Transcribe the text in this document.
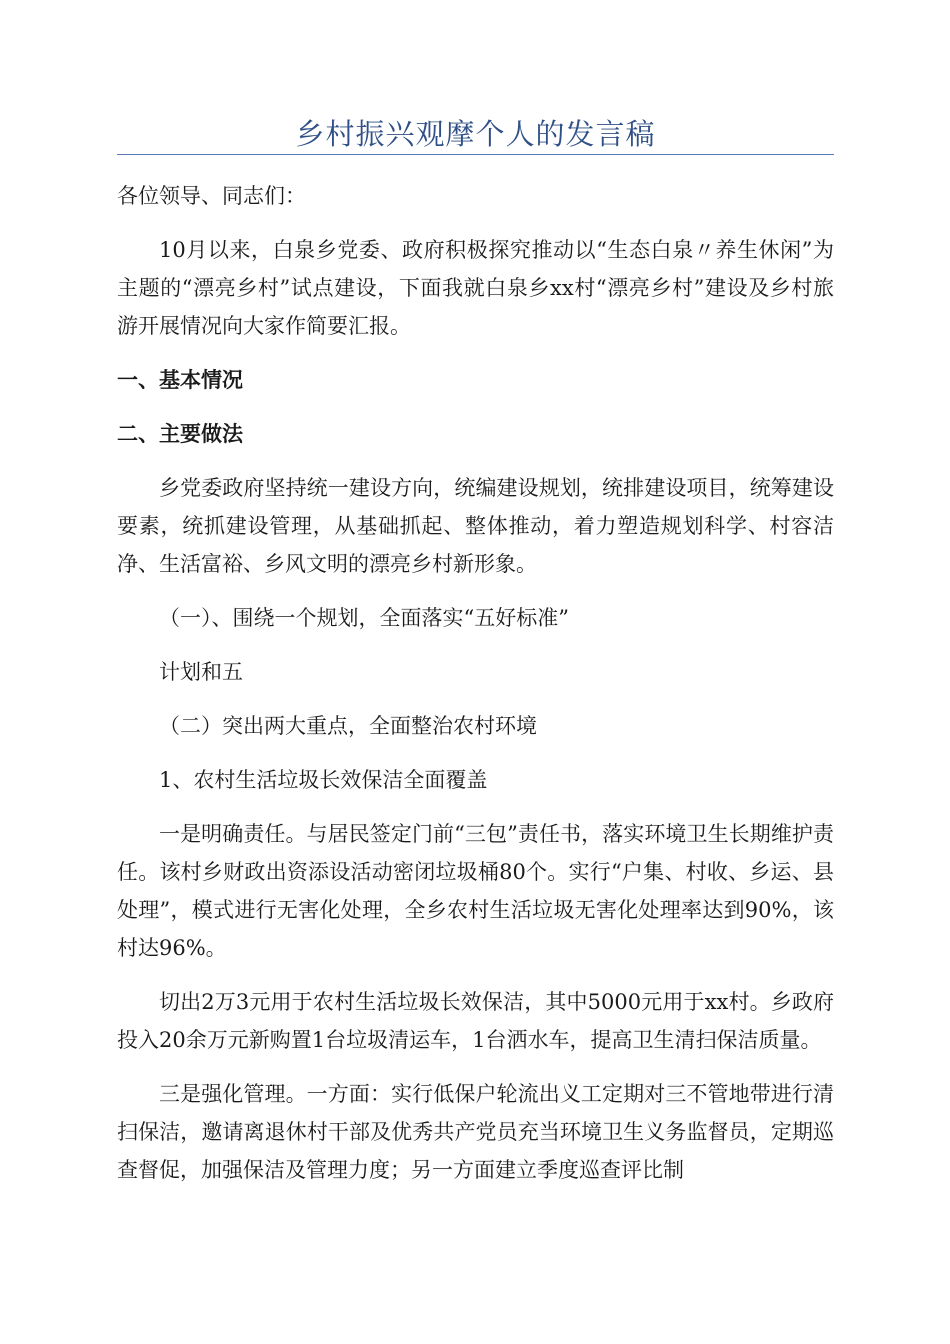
乡村振兴观摩个人的发言稿

各位领导、同志们：

10月以来，白泉乡党委、政府积极探究推动以“生态白泉〃养生休闲”为主题的“漂亮乡村”试点建设，下面我就白泉乡xx村“漂亮乡村”建设及乡村旅游开展情况向大家作简要汇报。

一、基本情况

二、主要做法

乡党委政府坚持统一建设方向，统编建设规划，统排建设项目，统筹建设要素，统抓建设管理，从基础抓起、整体推动，着力塑造规划科学、村容洁净、生活富裕、乡风文明的漂亮乡村新形象。

（一）、围绕一个规划，全面落实“五好标准”

计划和五

（二）突出两大重点，全面整治农村环境

1、农村生活垃圾长效保洁全面覆盖

一是明确责任。与居民签定门前“三包”责任书，落实环境卫生长期维护责任。该村乡财政出资添设活动密闭垃圾桶80个。实行“户集、村收、乡运、县处理”，模式进行无害化处理，全乡农村生活垃圾无害化处理率达到90%，该村达96%。

切出2万3元用于农村生活垃圾长效保洁，其中5000元用于xx村。乡政府投入20余万元新购置1台垃圾清运车，1台洒水车，提高卫生清扫保洁质量。

三是强化管理。一方面：实行低保户轮流出义工定期对三不管地带进行清扫保洁，邀请离退休村干部及优秀共产党员充当环境卫生义务监督员，定期巡查督促，加强保洁及管理力度；另一方面建立季度巡查评比制
